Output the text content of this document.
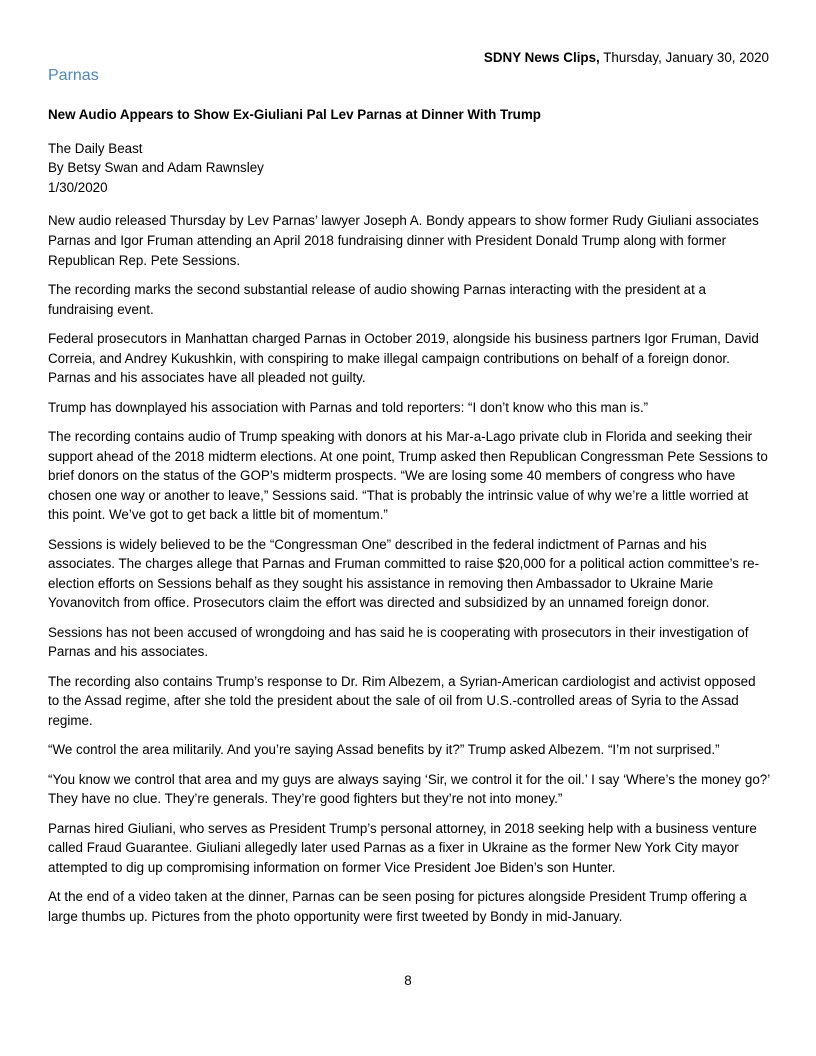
SDNY News Clips, Thursday, January 30, 2020
Parnas
New Audio Appears to Show Ex-Giuliani Pal Lev Parnas at Dinner With Trump
The Daily Beast
By Betsy Swan and Adam Rawnsley
1/30/2020

New audio released Thursday by Lev Parnas’ lawyer Joseph A. Bondy appears to show former Rudy Giuliani associates Parnas and Igor Fruman attending an April 2018 fundraising dinner with President Donald Trump along with former Republican Rep. Pete Sessions.

The recording marks the second substantial release of audio showing Parnas interacting with the president at a fundraising event.

Federal prosecutors in Manhattan charged Parnas in October 2019, alongside his business partners Igor Fruman, David Correia, and Andrey Kukushkin, with conspiring to make illegal campaign contributions on behalf of a foreign donor. Parnas and his associates have all pleaded not guilty.

Trump has downplayed his association with Parnas and told reporters: “I don’t know who this man is.”

The recording contains audio of Trump speaking with donors at his Mar-a-Lago private club in Florida and seeking their support ahead of the 2018 midterm elections. At one point, Trump asked then Republican Congressman Pete Sessions to brief donors on the status of the GOP’s midterm prospects. “We are losing some 40 members of congress who have chosen one way or another to leave,” Sessions said. “That is probably the intrinsic value of why we’re a little worried at this point. We’ve got to get back a little bit of momentum.”

Sessions is widely believed to be the “Congressman One” described in the federal indictment of Parnas and his associates. The charges allege that Parnas and Fruman committed to raise $20,000 for a political action committee’s re-election efforts on Sessions behalf as they sought his assistance in removing then Ambassador to Ukraine Marie Yovanovitch from office. Prosecutors claim the effort was directed and subsidized by an unnamed foreign donor.

Sessions has not been accused of wrongdoing and has said he is cooperating with prosecutors in their investigation of Parnas and his associates.

The recording also contains Trump’s response to Dr. Rim Albezem, a Syrian-American cardiologist and activist opposed to the Assad regime, after she told the president about the sale of oil from U.S.-controlled areas of Syria to the Assad regime.

“We control the area militarily. And you’re saying Assad benefits by it?” Trump asked Albezem. “I’m not surprised.”

“You know we control that area and my guys are always saying ‘Sir, we control it for the oil.’ I say ‘Where’s the money go?’ They have no clue. They’re generals. They’re good fighters but they’re not into money.”

Parnas hired Giuliani, who serves as President Trump’s personal attorney, in 2018 seeking help with a business venture called Fraud Guarantee. Giuliani allegedly later used Parnas as a fixer in Ukraine as the former New York City mayor attempted to dig up compromising information on former Vice President Joe Biden’s son Hunter.

At the end of a video taken at the dinner, Parnas can be seen posing for pictures alongside President Trump offering a large thumbs up. Pictures from the photo opportunity were first tweeted by Bondy in mid-January.

8
